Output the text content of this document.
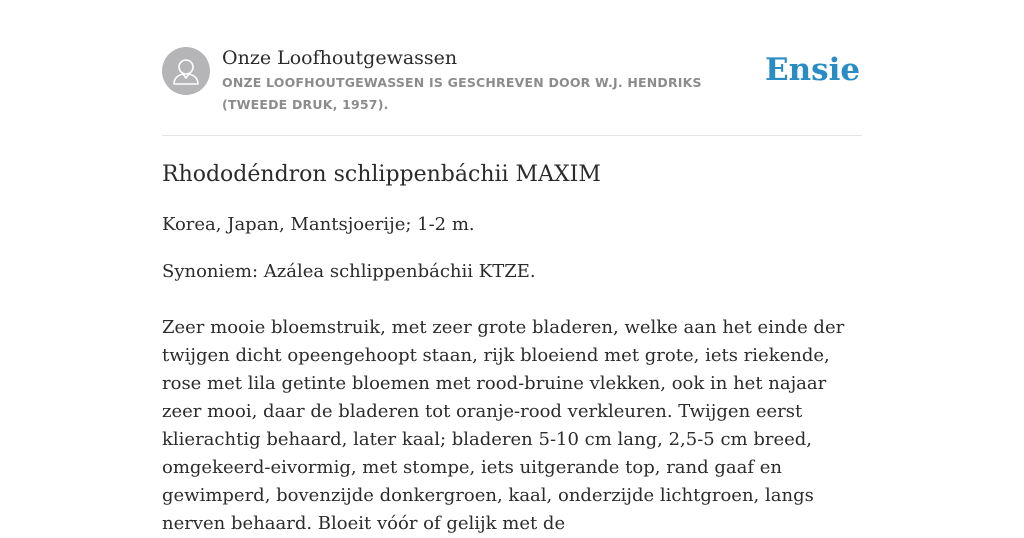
Onze Loofhoutgewassen
ONZE LOOFHOUTGEWASSEN IS GESCHREVEN DOOR W.J. HENDRIKS (TWEEDE DRUK, 1957).
Ensie
Rhododéndron schlippenbáchii MAXIM

Korea, Japan, Mantsjoerije; 1-2 m.

Synoniem: Azálea schlippenbáchii KTZE.

Zeer mooie bloemstruik, met zeer grote bladeren, welke aan het einde der twijgen dicht opeengehoopt staan, rijk bloeiend met grote, iets riekende, rose met lila getinte bloemen met rood-bruine vlekken, ook in het najaar zeer mooi, daar de bladeren tot oranje-rood verkleuren. Twijgen eerst klierachtig behaard, later kaal; bladeren 5-10 cm lang, 2,5-5 cm breed, omgekeerd-eivormig, met stompe, iets uitgerande top, rand gaaf en gewimperd, bovenzijde donkergroen, kaal, onderzijde lichtgroen, langs nerven behaard. Bloeit vóór of gelijk met de
